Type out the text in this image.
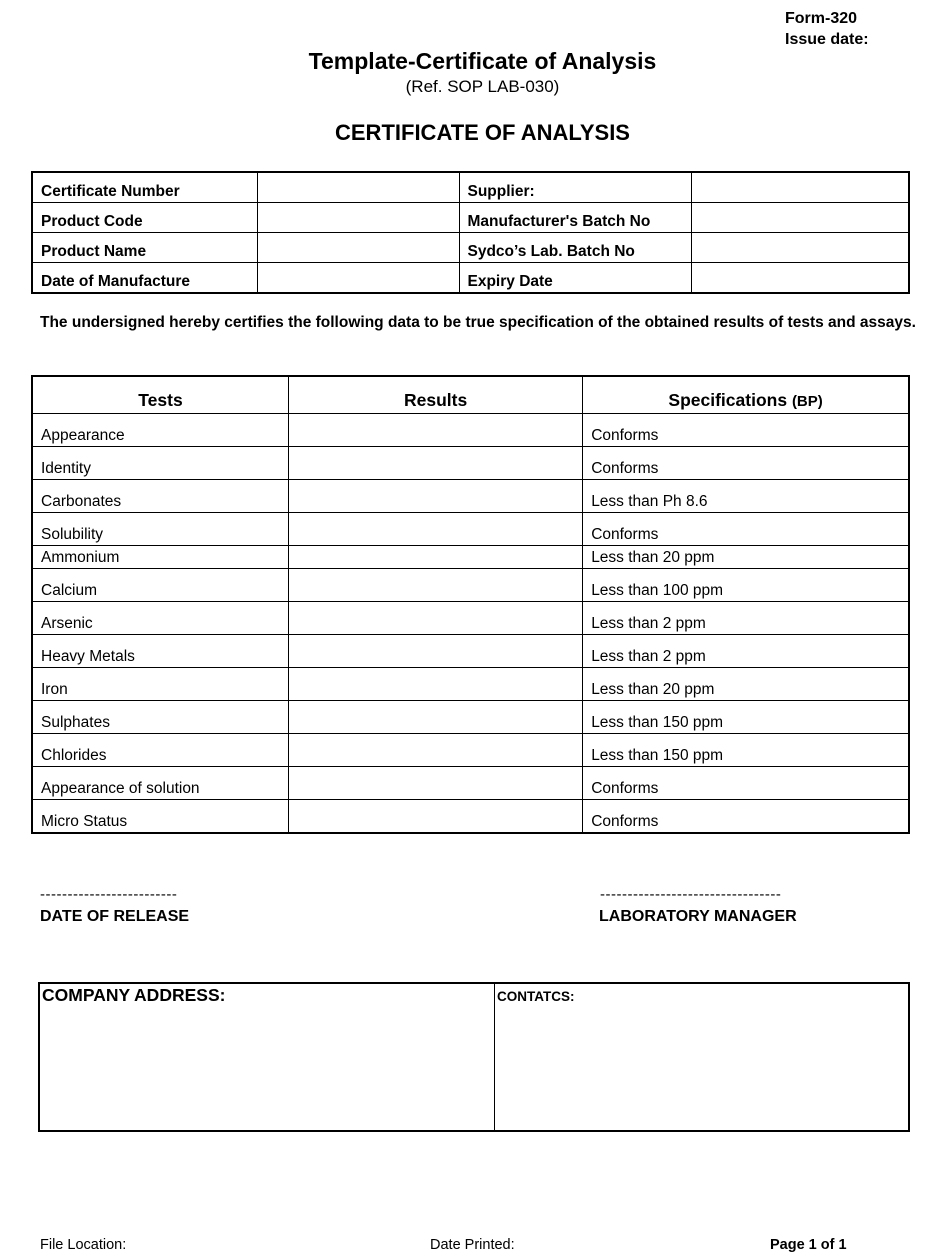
Form-320
Issue date:
Template-Certificate of Analysis
(Ref. SOP LAB-030)
CERTIFICATE OF ANALYSIS
Certificate Number		Supplier:	
Product Code		Manufacturer's Batch No	
Product Name		Sydco’s Lab. Batch No	
Date of Manufacture		Expiry Date	
The undersigned hereby certifies the following data to be true specification of the obtained results of tests and assays.
Tests	Results	Specifications (BP)
Appearance		Conforms
Identity		Conforms
Carbonates		Less than Ph 8.6
Solubility		Conforms
Ammonium		Less than 20 ppm
Calcium		Less than 100 ppm
Arsenic		Less than 2 ppm
Heavy Metals		Less than 2 ppm
Iron		Less than 20 ppm
Sulphates		Less than 150 ppm
Chlorides		Less than 150 ppm
Appearance of solution		Conforms
Micro Status		Conforms
-------------------------
DATE OF RELEASE
---------------------------------
LABORATORY MANAGER
COMPANY ADDRESS:	CONTATCS:
File Location:	Date Printed:	Page 1 of 1
